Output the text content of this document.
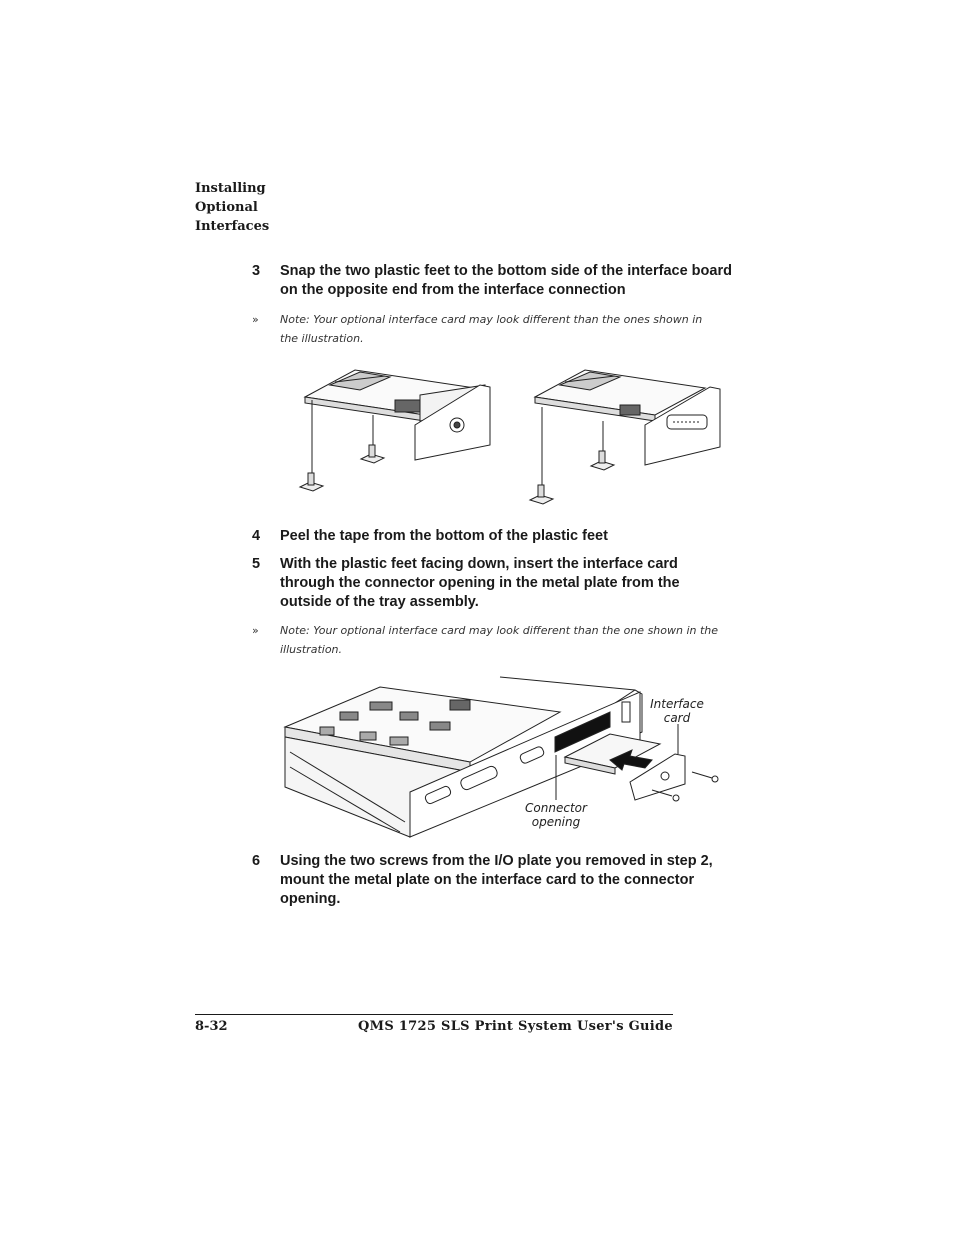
Installing
Optional
Interfaces
3 Snap the two plastic feet to the bottom side of the interface board on the opposite end from the interface connection
» Note: Your optional interface card may look different than the ones shown in the illustration.
4 Peel the tape from the bottom of the plastic feet
5 With the plastic feet facing down, insert the interface card through the connector opening in the metal plate from the outside of the tray assembly.
» Note: Your optional interface card may look different than the one shown in the illustration.
Interface card
Connector opening
6 Using the two screws from the I/O plate you removed in step 2, mount the metal plate on the interface card to the connector opening.
8-32	QMS 1725 SLS Print System User's Guide
